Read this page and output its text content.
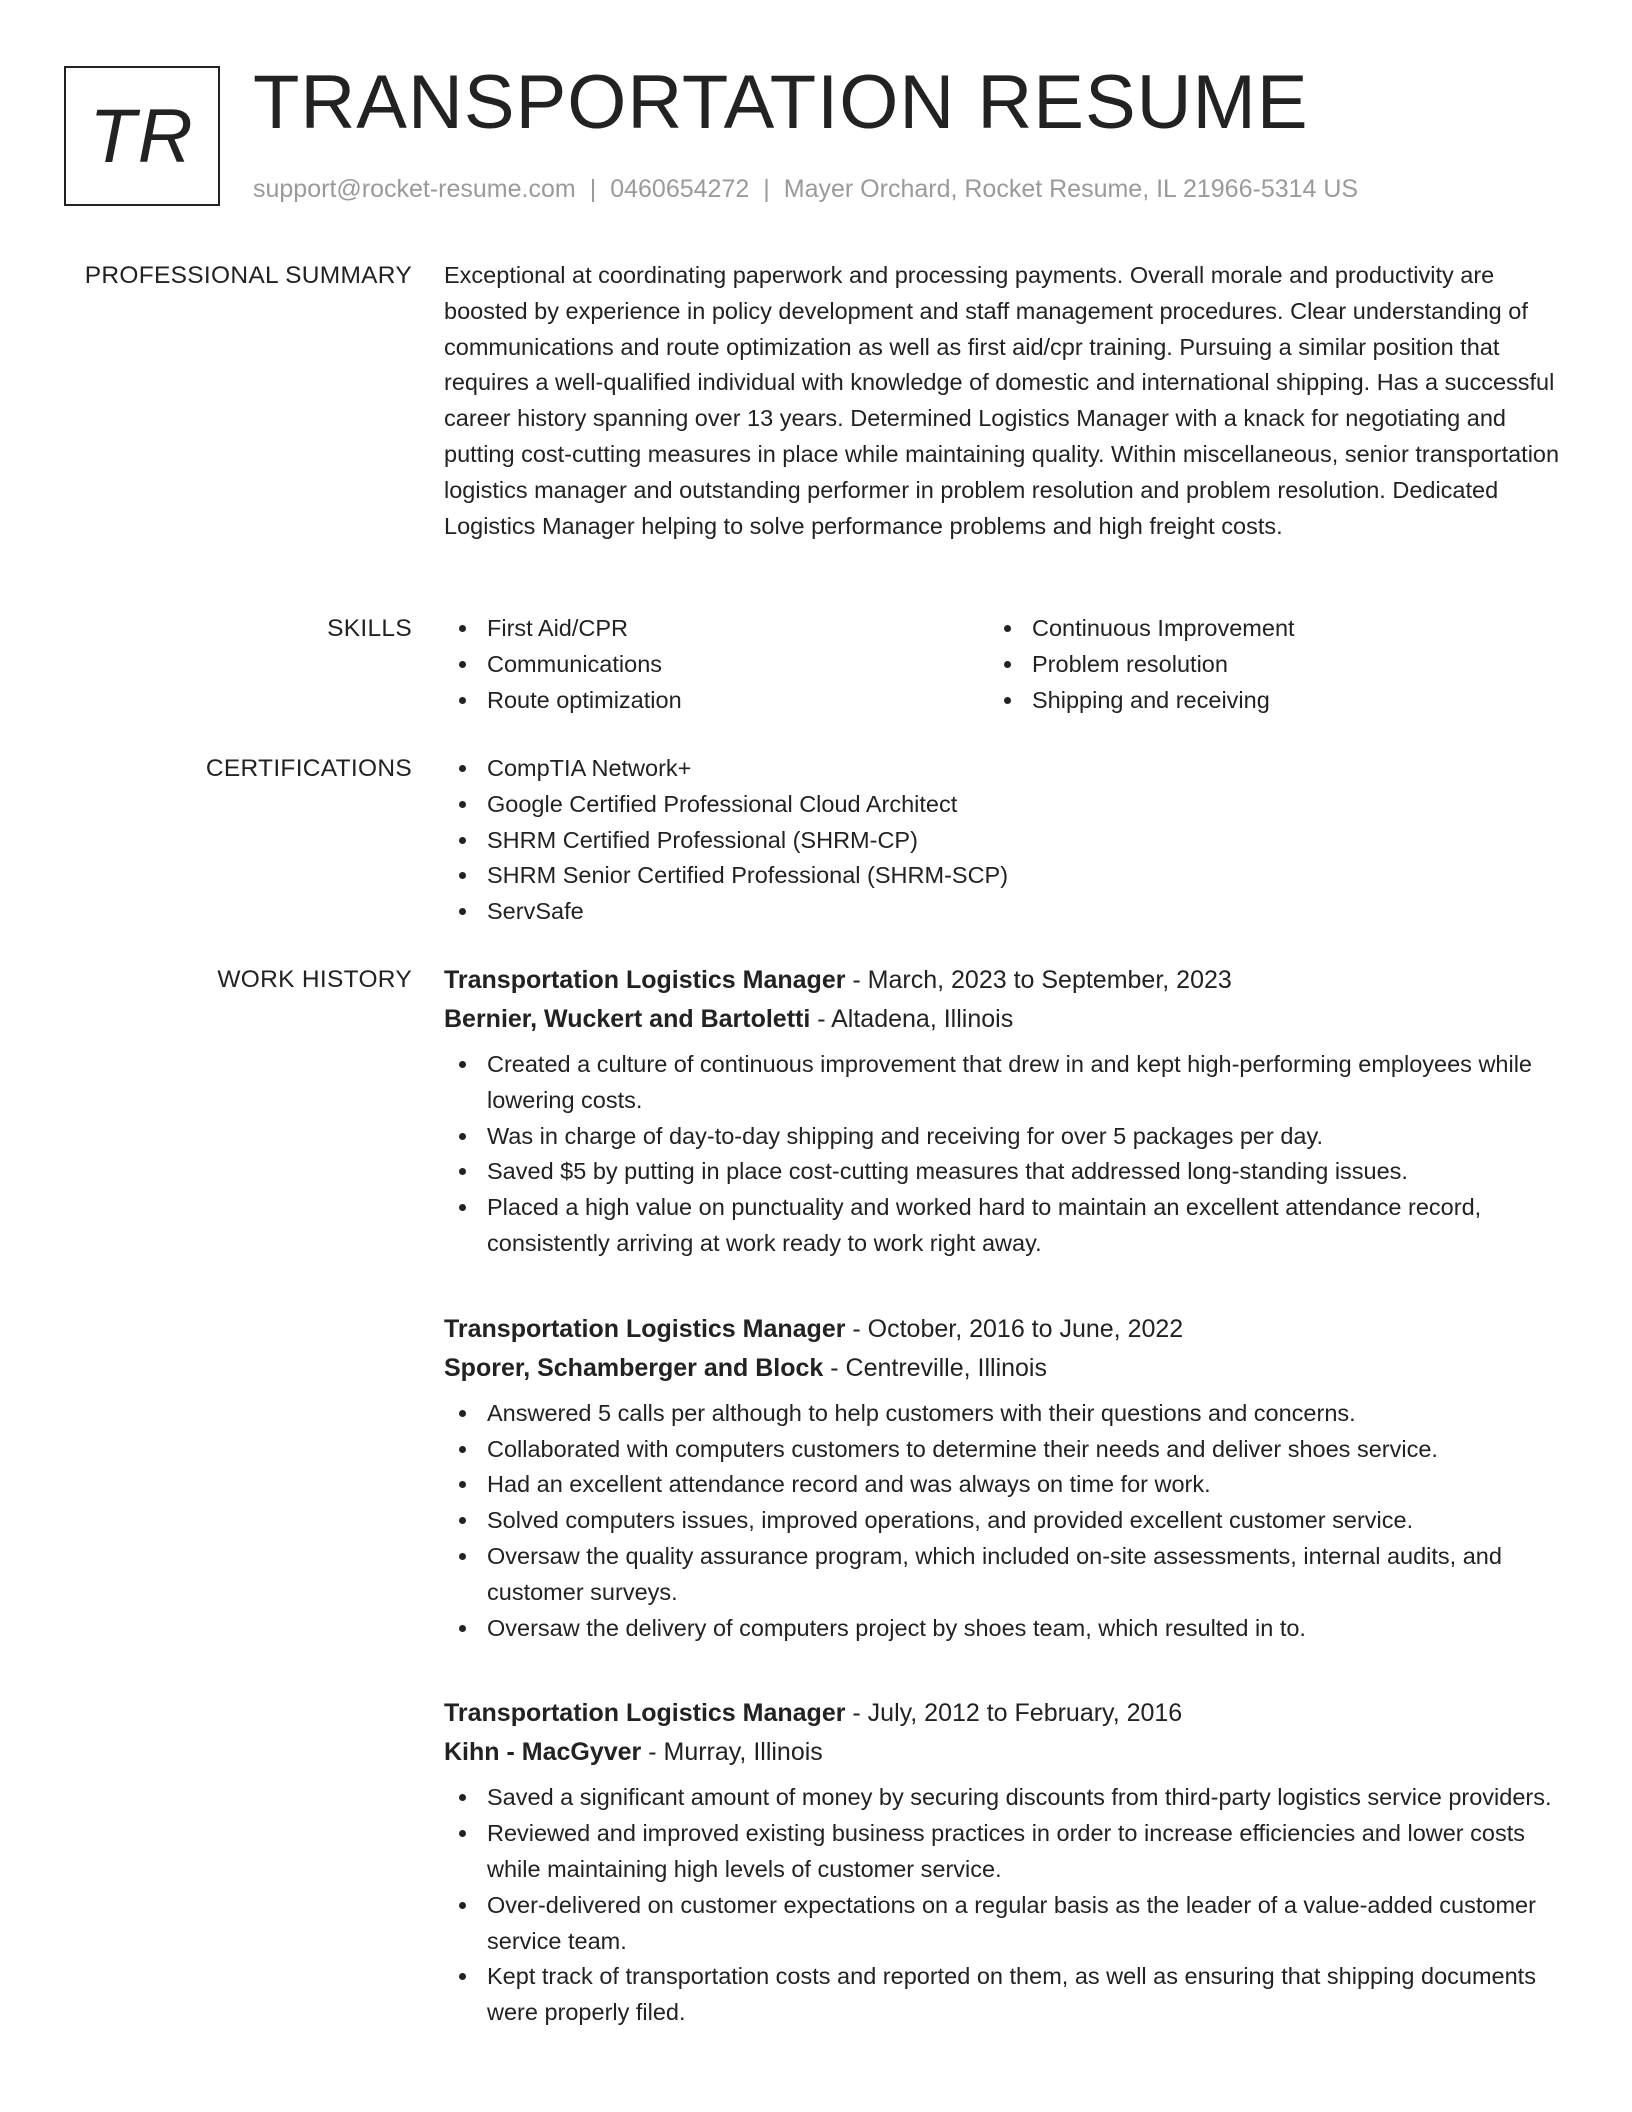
TR TRANSPORTATION RESUME
support@rocket-resume.com | 0460654272 | Mayer Orchard, Rocket Resume, IL 21966-5314 US
PROFESSIONAL SUMMARY Exceptional at coordinating paperwork and processing payments. Overall morale and productivity are boosted by experience in policy development and staff management procedures. Clear understanding of communications and route optimization as well as first aid/cpr training. Pursuing a similar position that requires a well-qualified individual with knowledge of domestic and international shipping. Has a successful career history spanning over 13 years. Determined Logistics Manager with a knack for negotiating and putting cost-cutting measures in place while maintaining quality. Within miscellaneous, senior transportation logistics manager and outstanding performer in problem resolution and problem resolution. Dedicated Logistics Manager helping to solve performance problems and high freight costs.

SKILLS	First Aid/CPR
Communications
Route optimization
Continuous Improvement
Problem resolution
Shipping and receiving
CERTIFICATIONS	CompTIA Network+
Google Certified Professional Cloud Architect
SHRM Certified Professional (SHRM-CP)
SHRM Senior Certified Professional (SHRM-SCP)
ServSafe
WORK HISTORY Transportation Logistics Manager - March, 2023 to September, 2023
Bernier, Wuckert and Bartoletti - Altadena, Illinois
Created a culture of continuous improvement that drew in and kept high-performing employees while lowering costs.
Was in charge of day-to-day shipping and receiving for over 5 packages per day.
Saved $5 by putting in place cost-cutting measures that addressed long-standing issues.
Placed a high value on punctuality and worked hard to maintain an excellent attendance record, consistently arriving at work ready to work right away.
Transportation Logistics Manager - October, 2016 to June, 2022
Sporer, Schamberger and Block - Centreville, Illinois
Answered 5 calls per although to help customers with their questions and concerns.
Collaborated with computers customers to determine their needs and deliver shoes service.
Had an excellent attendance record and was always on time for work.
Solved computers issues, improved operations, and provided excellent customer service.
Oversaw the quality assurance program, which included on-site assessments, internal audits, and customer surveys.
Oversaw the delivery of computers project by shoes team, which resulted in to.
Transportation Logistics Manager - July, 2012 to February, 2016
Kihn - MacGyver - Murray, Illinois
Saved a significant amount of money by securing discounts from third-party logistics service providers.
Reviewed and improved existing business practices in order to increase efficiencies and lower costs while maintaining high levels of customer service.
Over-delivered on customer expectations on a regular basis as the leader of a value-added customer service team.
Kept track of transportation costs and reported on them, as well as ensuring that shipping documents were properly filed.
